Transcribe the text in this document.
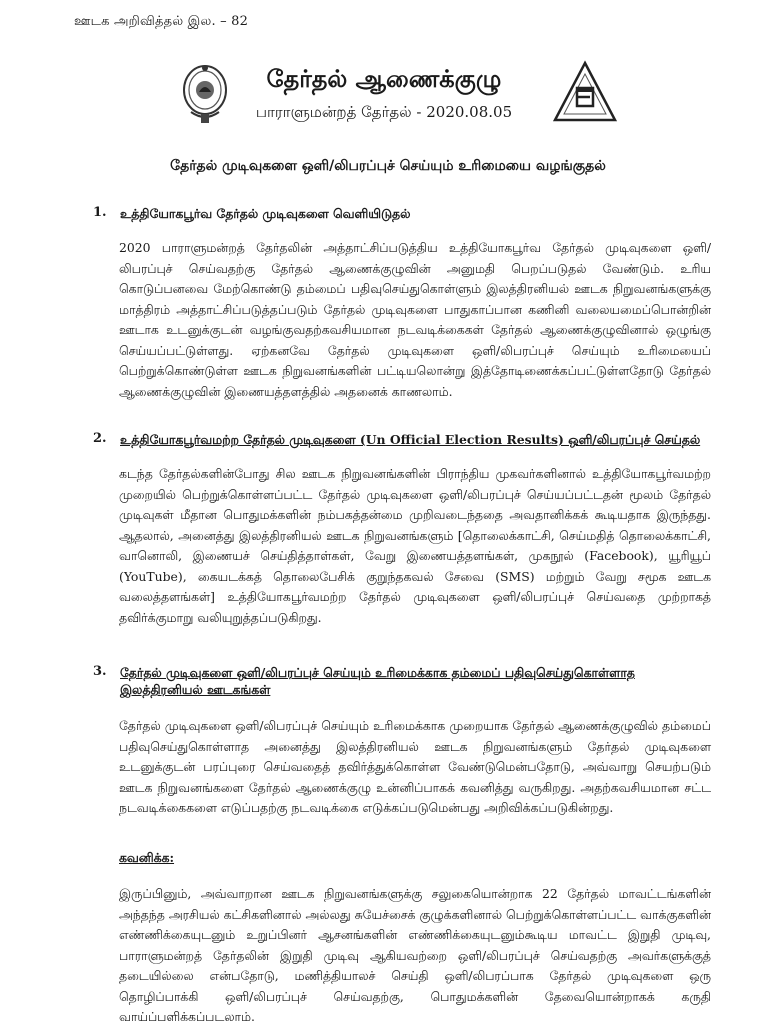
ஊடக அறிவித்தல் இல. – 82
தேர்தல் ஆணைக்குழு
பாராளுமன்றத் தேர்தல் - 2020.08.05
தேர்தல் முடிவுகளை ஒளி/லிபரப்புச் செய்யும் உரிமையை வழங்குதல்
1. உத்தியோகபூர்வ தேர்தல் முடிவுகளை வெளியிடுதல்
2020 பாராளுமன்றத் தேர்தலின் அத்தாட்சிப்படுத்திய உத்தியோகபூர்வ தேர்தல் முடிவுகளை ஒளி/லிபரப்புச் செய்வதற்கு தேர்தல் ஆணைக்குழுவின் அனுமதி பெறப்படுதல் வேண்டும். உரிய கொடுப்பனவை மேற்கொண்டு தம்மைப் பதிவுசெய்துகொள்ளும் இலத்திரனியல் ஊடக நிறுவனங்களுக்கு மாத்திரம் அத்தாட்சிப்படுத்தப்படும் தேர்தல் முடிவுகளை பாதுகாப்பான கணினி வலையமைப்பொன்றின் ஊடாக உடனுக்குடன் வழங்குவதற்கவசியமான நடவடிக்கைகள் தேர்தல் ஆணைக்குழுவினால் ஒழுங்கு செய்யப்பட்டுள்ளது. ஏற்கனவே தேர்தல் முடிவுகளை ஒளி/லிபரப்புச் செய்யும் உரிமையைப் பெற்றுக்கொண்டுள்ள ஊடக நிறுவனங்களின் பட்டியலொன்று இத்தோடிணைக்கப்பட்டுள்ளதோடு தேர்தல் ஆணைக்குழுவின் இணையத்தளத்தில் அதனைக் காணலாம்.
2. உத்தியோகபூர்வமற்ற தேர்தல் முடிவுகளை (Un Official Election Results) ஒளி/லிபரப்புச் செய்தல்
கடந்த தேர்தல்களின்போது சில ஊடக நிறுவனங்களின் பிராந்திய முகவர்களினால் உத்தியோகபூர்வமற்ற முறையில் பெற்றுக்கொள்ளப்பட்ட தேர்தல் முடிவுகளை ஒளி/லிபரப்புச் செய்யப்பட்டதன் மூலம் தேர்தல் முடிவுகள் மீதான பொதுமக்களின் நம்பகத்தன்மை முறிவடைந்ததை அவதானிக்கக் கூடியதாக இருந்தது. ஆதலால், அனைத்து இலத்திரனியல் ஊடக நிறுவனங்களும் [தொலைக்காட்சி, செய்மதித் தொலைக்காட்சி, வானொலி, இணையச் செய்தித்தாள்கள், வேறு இணையத்தளங்கள், முகநூல் (Facebook), யூரியூப் (YouTube), கையடக்கத் தொலைபேசிக் குறுந்தகவல் சேவை (SMS) மற்றும் வேறு சமூக ஊடக வலைத்தளங்கள்] உத்தியோகபூர்வமற்ற தேர்தல் முடிவுகளை ஒளி/லிபரப்புச் செய்வதை முற்றாகத் தவிர்க்குமாறு வலியுறுத்தப்படுகிறது.
3. தேர்தல் முடிவுகளை ஒளி/லிபரப்புச் செய்யும் உரிமைக்காக தம்மைப் பதிவுசெய்துகொள்ளாத இலத்திரனியல் ஊடகங்கள்
தேர்தல் முடிவுகளை ஒளி/லிபரப்புச் செய்யும் உரிமைக்காக முறையாக தேர்தல் ஆணைக்குழுவில் தம்மைப் பதிவுசெய்துகொள்ளாத அனைத்து இலத்திரனியல் ஊடக நிறுவனங்களும் தேர்தல் முடிவுகளை உடனுக்குடன் பரப்புரை செய்வதைத் தவிர்த்துக்கொள்ள வேண்டுமென்பதோடு, அவ்வாறு செயற்படும் ஊடக நிறுவனங்களை தேர்தல் ஆணைக்குழு உன்னிப்பாகக் கவனித்து வருகிறது. அதற்கவசியமான சட்ட நடவடிக்கைகளை எடுப்பதற்கு நடவடிக்கை எடுக்கப்படுமென்பது அறிவிக்கப்படுகின்றது.
கவனிக்க:
இருப்பினும், அவ்வாறான ஊடக நிறுவனங்களுக்கு சலுகையொன்றாக 22 தேர்தல் மாவட்டங்களின் அந்தந்த அரசியல் கட்சிகளினால் அல்லது சுயேச்சைக் குழுக்களினால் பெற்றுக்கொள்ளப்பட்ட வாக்குகளின் எண்ணிக்கையுடனும் உறுப்பினர் ஆசனங்களின் எண்ணிக்கையுடனும்கூடிய மாவட்ட இறுதி முடிவு, பாராளுமன்றத் தேர்தலின் இறுதி முடிவு ஆகியவற்றை ஒளி/லிபரப்புச் செய்வதற்கு அவர்களுக்குத் தடையில்லை என்பதோடு, மணித்தியாலச் செய்தி ஒளி/லிபரப்பாக தேர்தல் முடிவுகளை ஒரு தொழிப்பாக்கி ஒளி/லிபரப்புச் செய்வதற்கு, பொதுமக்களின் தேவையொன்றாகக் கருதி வாய்ப்பளிக்கப்படலாம்.
